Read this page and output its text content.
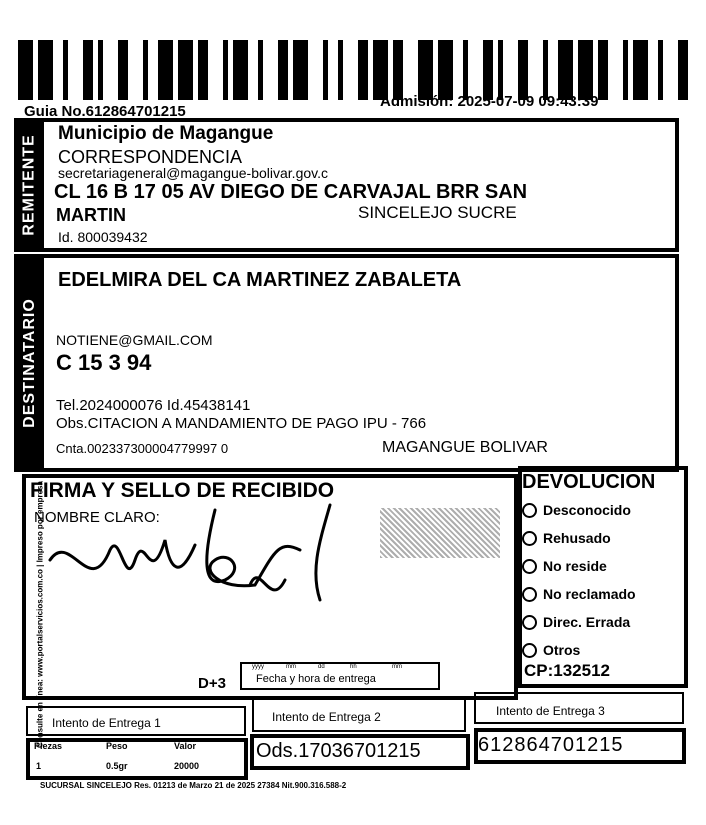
Guia No.612864701215
Admisión: 2025-07-09 09:43:39
REMITENTE
Municipio de Magangue
CORRESPONDENCIA
secretariageneral@magangue-bolivar.gov.c
CL 16 B 17 05 AV DIEGO DE CARVAJAL BRR SAN
MARTIN	SINCELEJO SUCRE
Id. 800039432
DESTINATARIO
EDELMIRA DEL CA MARTINEZ ZABALETA
NOTIENE@GMAIL.COM
C 15 3 94
Tel.2024000076 Id.45438141
Obs.CITACION A MANDAMIENTO DE PAGO IPU - 766
Cnta.002337300004779997 0	MAGANGUE BOLIVAR
FIRMA Y SELLO DE RECIBIDO
NOMBRE CLARO:
D+3
yyyy	mm	dd	hh	mm
Fecha y hora de entrega
DEVOLUCION
Desconocido
Rehusado
No reside
No reclamado
Direc. Errada
Otros
CP:132512
Intento de Entrega 1	Intento de Entrega 2	Intento de Entrega 3
Piezas	Peso	Valor
1	0.5gr	20000
Ods.17036701215	612864701215
SUCURSAL SINCELEJO Res. 01213 de Marzo 21 de 2025 27384 Nit.900.316.588-2
Consulte en línea: www.portalservicios.com.co | Impreso por empresa
